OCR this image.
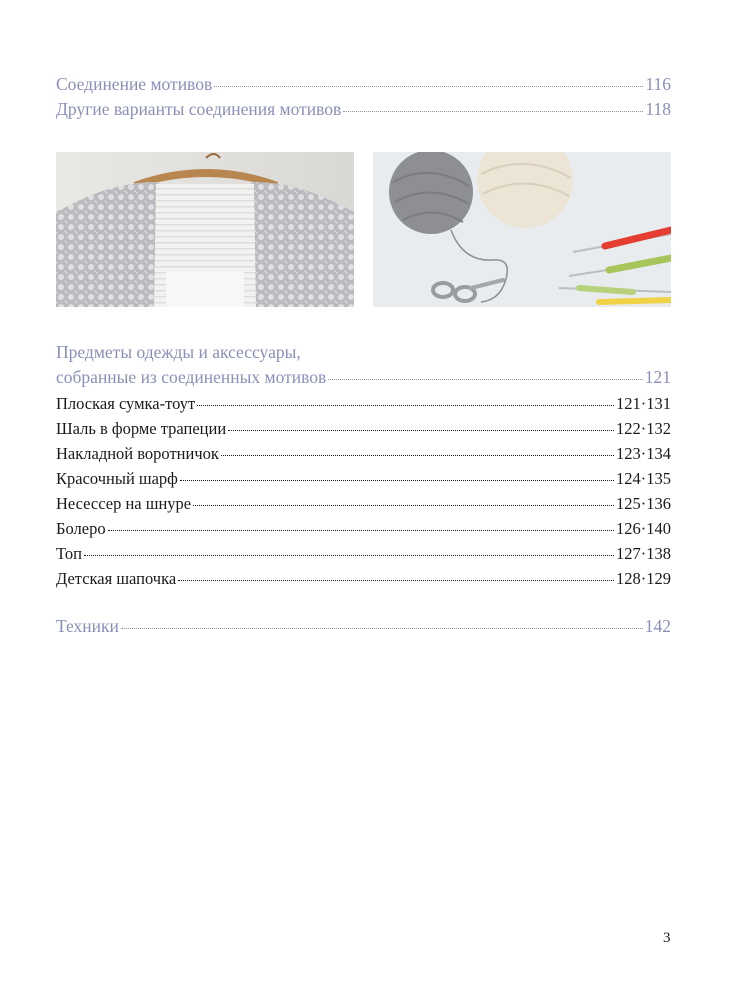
Соединение мотивов	116
Другие варианты соединения мотивов	118
Предметы одежды и аксессуары,
собранные из соединенных мотивов	121
Плоская сумка-тоут	121·131
Шаль в форме трапеции	122·132
Накладной воротничок	123·134
Красочный шарф	124·135
Несессер на шнуре	125·136
Болеро	126·140
Топ	127·138
Детская шапочка	128·129
Техники	142
3
